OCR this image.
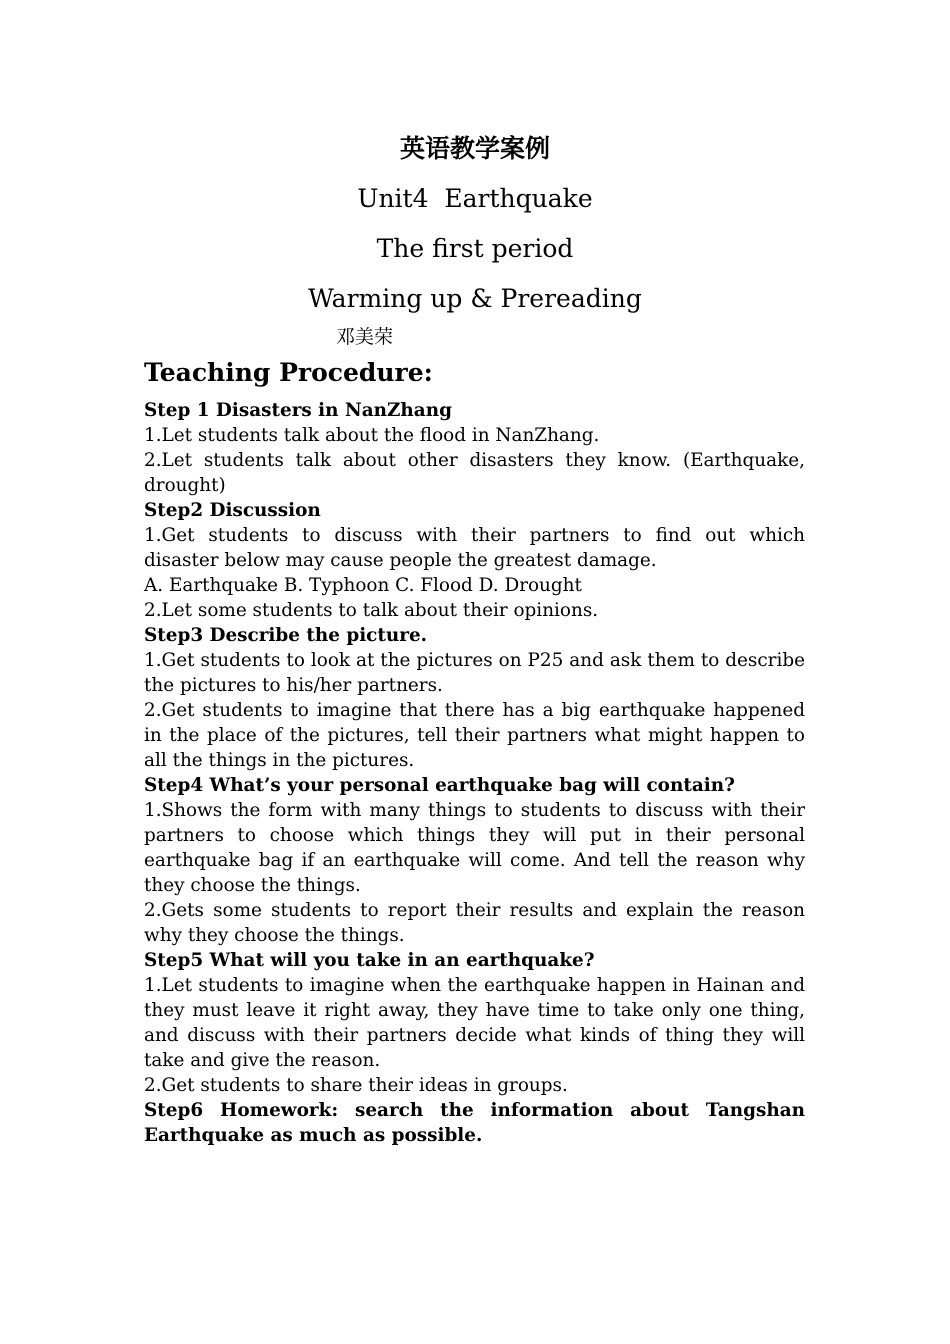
英语教学案例
Unit4  Earthquake
The first period
Warming up & Prereading
邓美荣
Teaching Procedure:

Step 1 Disasters in NanZhang

1.Let students talk about the flood in NanZhang.

2.Let students talk about other disasters they know. (Earthquake, drought)

Step2 Discussion

1.Get students to discuss with their partners to find out which disaster below may cause people the greatest damage.

A. Earthquake B. Typhoon C. Flood D. Drought

2.Let some students to talk about their opinions.

Step3 Describe the picture.

1.Get students to look at the pictures on P25 and ask them to describe the pictures to his/her partners.

2.Get students to imagine that there has a big earthquake happened in the place of the pictures, tell their partners what might happen to all the things in the pictures.

Step4 What’s your personal earthquake bag will contain?

1.Shows the form with many things to students to discuss with their partners to choose which things they will put in their personal earthquake bag if an earthquake will come. And tell the reason why they choose the things.

2.Gets some students to report their results and explain the reason why they choose the things.

Step5 What will you take in an earthquake?

1.Let students to imagine when the earthquake happen in Hainan and they must leave it right away, they have time to take only one thing, and discuss with their partners decide what kinds of thing they will take and give the reason.

2.Get students to share their ideas in groups.

Step6 Homework: search the information about Tangshan Earthquake as much as possible.
